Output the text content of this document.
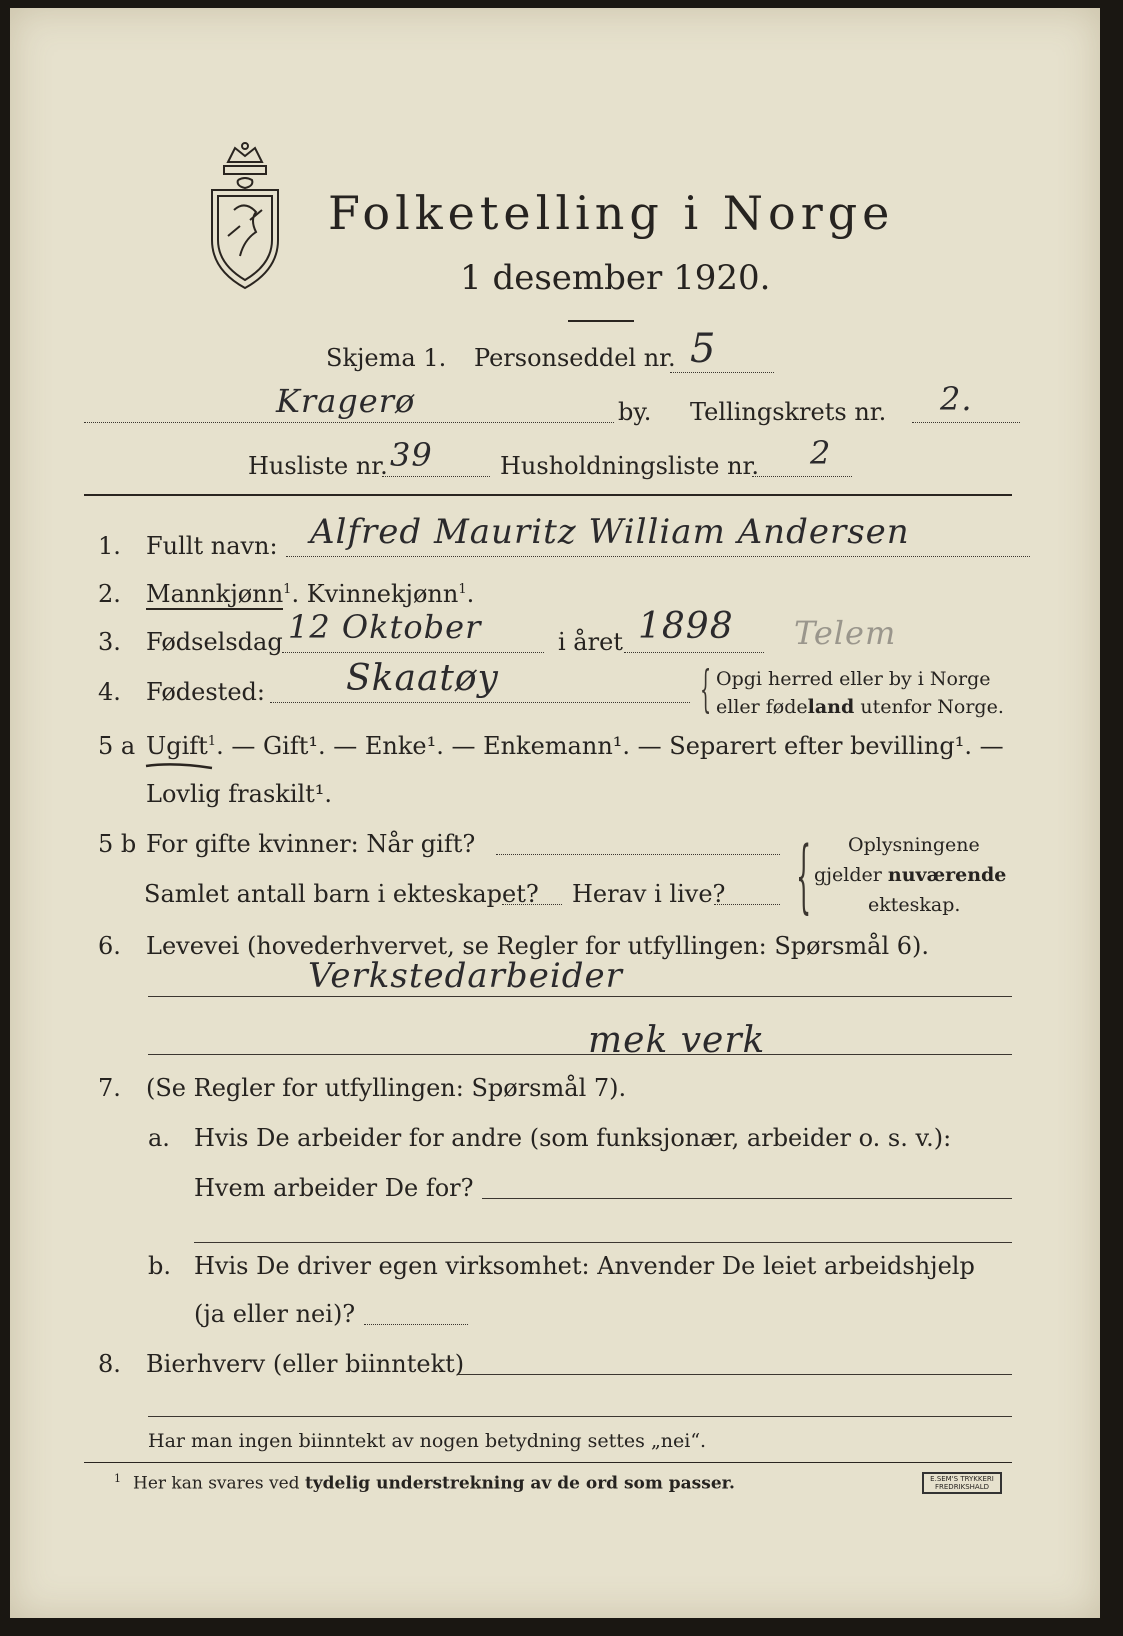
Folketelling i Norge
1 desember 1920.
Skjema 1. Personseddel nr. 5
Kragerø	by. Tellingskrets nr. 2.
Husliste nr. 39	Husholdningsliste nr. 2
1. Fullt navn: Alfred Mauritz William Andersen
2. Mannkjønn$^1$. Kvinnekjønn$^1$.
3. Fødselsdag 12 Oktober	i året 1898 Telem
4. Fødested: Skaatøy	{ Opgi herred eller by i Norge
eller fødeland utenfor Norge.
5 a Ugift$^1$. — Gift¹. — Enke¹. — Enkemann¹. — Separert efter bevilling¹. —
Lovlig fraskilt¹.
5 b For gifte kvinner: Når gift?
Samlet antall barn i ekteskapet? Herav i live? { Oplysningene
gjelder nuværende
ekteskap.
6. Levevei (hovederhvervet, se Regler for utfyllingen: Spørsmål 6).
Verkstedarbeider
mek verk
7. (Se Regler for utfyllingen: Spørsmål 7).
a. Hvis De arbeider for andre (som funksjonær, arbeider o. s. v.):
Hvem arbeider De for?
b. Hvis De driver egen virksomhet: Anvender De leiet arbeidshjelp
(ja eller nei)?
8. Bierhverv (eller biinntekt)
Har man ingen biinntekt av nogen betydning settes „nei“.
$^1$ Her kan svares ved tydelig understrekning av de ord som passer.	E.SEM'S TRYKKERI
FREDRIKSHALD
